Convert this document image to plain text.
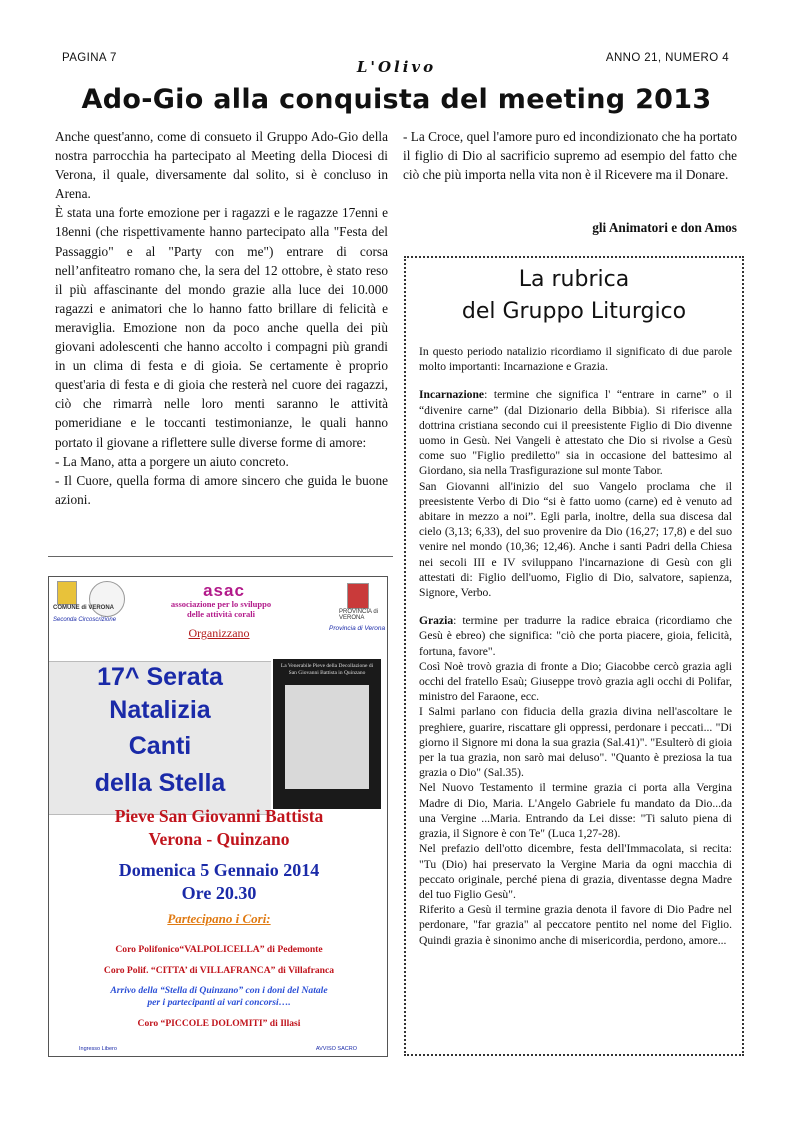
PAGINA 7	L'Olivo	ANNO 21, NUMERO 4
Ado-Gio alla conquista del meeting 2013

Anche quest'anno, come di consueto il Gruppo Ado-Gio della nostra parrocchia ha partecipato al Meeting della Diocesi di Verona, il quale, diversamente dal solito, si è concluso in Arena.

È stata una forte emozione per i ragazzi e le ragazze 17enni e 18enni (che rispettivamente hanno partecipato alla "Festa del Passaggio" e al "Party con me") entrare di corsa nell’anfiteatro romano che, la sera del 12 ottobre, è stato reso il più affascinante del mondo grazie alla luce dei 10.000 ragazzi e animatori che lo hanno fatto brillare di felicità e meraviglia. Emozione non da poco anche quella dei più giovani adolescenti che hanno accolto i compagni più grandi in un clima di festa e di gioia. Se certamente è proprio quest'aria di festa e di gioia che resterà nel cuore dei ragazzi, ciò che rimarrà nelle loro menti saranno le attività pomeridiane e le toccanti testimonianze, le quali hanno portato il giovane a riflettere sulle diverse forme di amore:

- La Mano, atta a porgere un aiuto concreto.

- Il Cuore, quella forma di amore sincero che guida le buone azioni.

- La Croce, quel l'amore puro ed incondizionato che ha portato il figlio di Dio al sacrificio supremo ad esempio del fatto che ciò che più importa nella vita non è il Ricevere ma il Donare.

gli Animatori e don Amos
La rubrica
del Gruppo Liturgico

In questo periodo natalizio ricordiamo il significato di due parole molto importanti: Incarnazione e Grazia.

Incarnazione: termine che significa l' “entrare in carne” o il “divenire carne” (dal Dizionario della Bibbia). Si riferisce alla dottrina cristiana secondo cui il preesistente Figlio di Dio divenne uomo in Gesù. Nei Vangeli è attestato che Dio si rivolse a Gesù come suo "Figlio prediletto" sia in occasione del battesimo al Giordano, sia nella Trasfigurazione sul monte Tabor.

San Giovanni all'inizio del suo Vangelo proclama che il preesistente Verbo di Dio “si è fatto uomo (carne) ed è venuto ad abitare in mezzo a noi”. Egli parla, inoltre, della sua discesa dal cielo (3,13; 6,33), del suo provenire da Dio (16,27; 17,8) e del suo venire nel mondo (10,36; 12,46). Anche i santi Padri della Chiesa nei secoli III e IV sviluppano l'incarnazione di Gesù con gli attestati di: Figlio dell'uomo, Figlio di Dio, salvatore, sapienza, Signore, Verbo.

Grazia: termine per tradurre la radice ebraica (ricordiamo che Gesù è ebreo) che significa: "ciò che porta piacere, gioia, felicità, fortuna, favore".

Così Noè trovò grazia di fronte a Dio; Giacobbe cercò grazia agli occhi del fratello Esaù; Giuseppe trovò grazia agli occhi di Polifar, ministro del Faraone, ecc.

I Salmi parlano con fiducia della grazia divina nell'ascoltare le preghiere, guarire, riscattare gli oppressi, perdonare i peccati... "Di giorno il Signore mi dona la sua grazia (Sal.41)". "Esulterò di gioia per la tua grazia, non sarò mai deluso". "Quanto è preziosa la tua grazia o Dio" (Sal.35).

Nel Nuovo Testamento il termine grazia ci porta alla Vergina Madre di Dio, Maria. L'Angelo Gabriele fu mandato da Dio...da una Vergine ...Maria. Entrando da Lei disse: "Ti saluto piena di grazia, il Signore è con Te" (Luca 1,27-28).

Nel prefazio dell'otto dicembre, festa dell'Immacolata, si recita: "Tu (Dio) hai preservato la Vergine Maria da ogni macchia di peccato originale, perché piena di grazia, diventasse degna Madre del tuo Figlio Gesù".

Riferito a Gesù il termine grazia denota il favore di Dio Padre nel perdonare, "far grazia" al peccatore pentito nel nome del Figlio. Quindi grazia è sinonimo anche di misericordia, perdono, amore...

COMUNE di VERONA
Seconda Circoscrizione
asac
associazione per lo sviluppo
delle attività corali
Organizzano
PROVINCIA di VERONA
Provincia di Verona
17^ Serata
Natalizia
Canti
della Stella
La Venerabile Pieve della Decollazione di San Giovanni Battista in Quinzano
Pieve San Giovanni Battista
Verona - Quinzano
Domenica 5 Gennaio 2014
Ore 20.30
Partecipano i Cori:
Coro Polifonico“VALPOLICELLA” di Pedemonte
Coro Polif. “CITTA’ di VILLAFRANCA” di Villafranca
Arrivo della “Stella di Quinzano” con i doni del Natale
per i partecipanti ai vari concorsi….
Coro “PICCOLE DOLOMITI” di Illasi
Ingresso Libero	AVVISO SACRO
